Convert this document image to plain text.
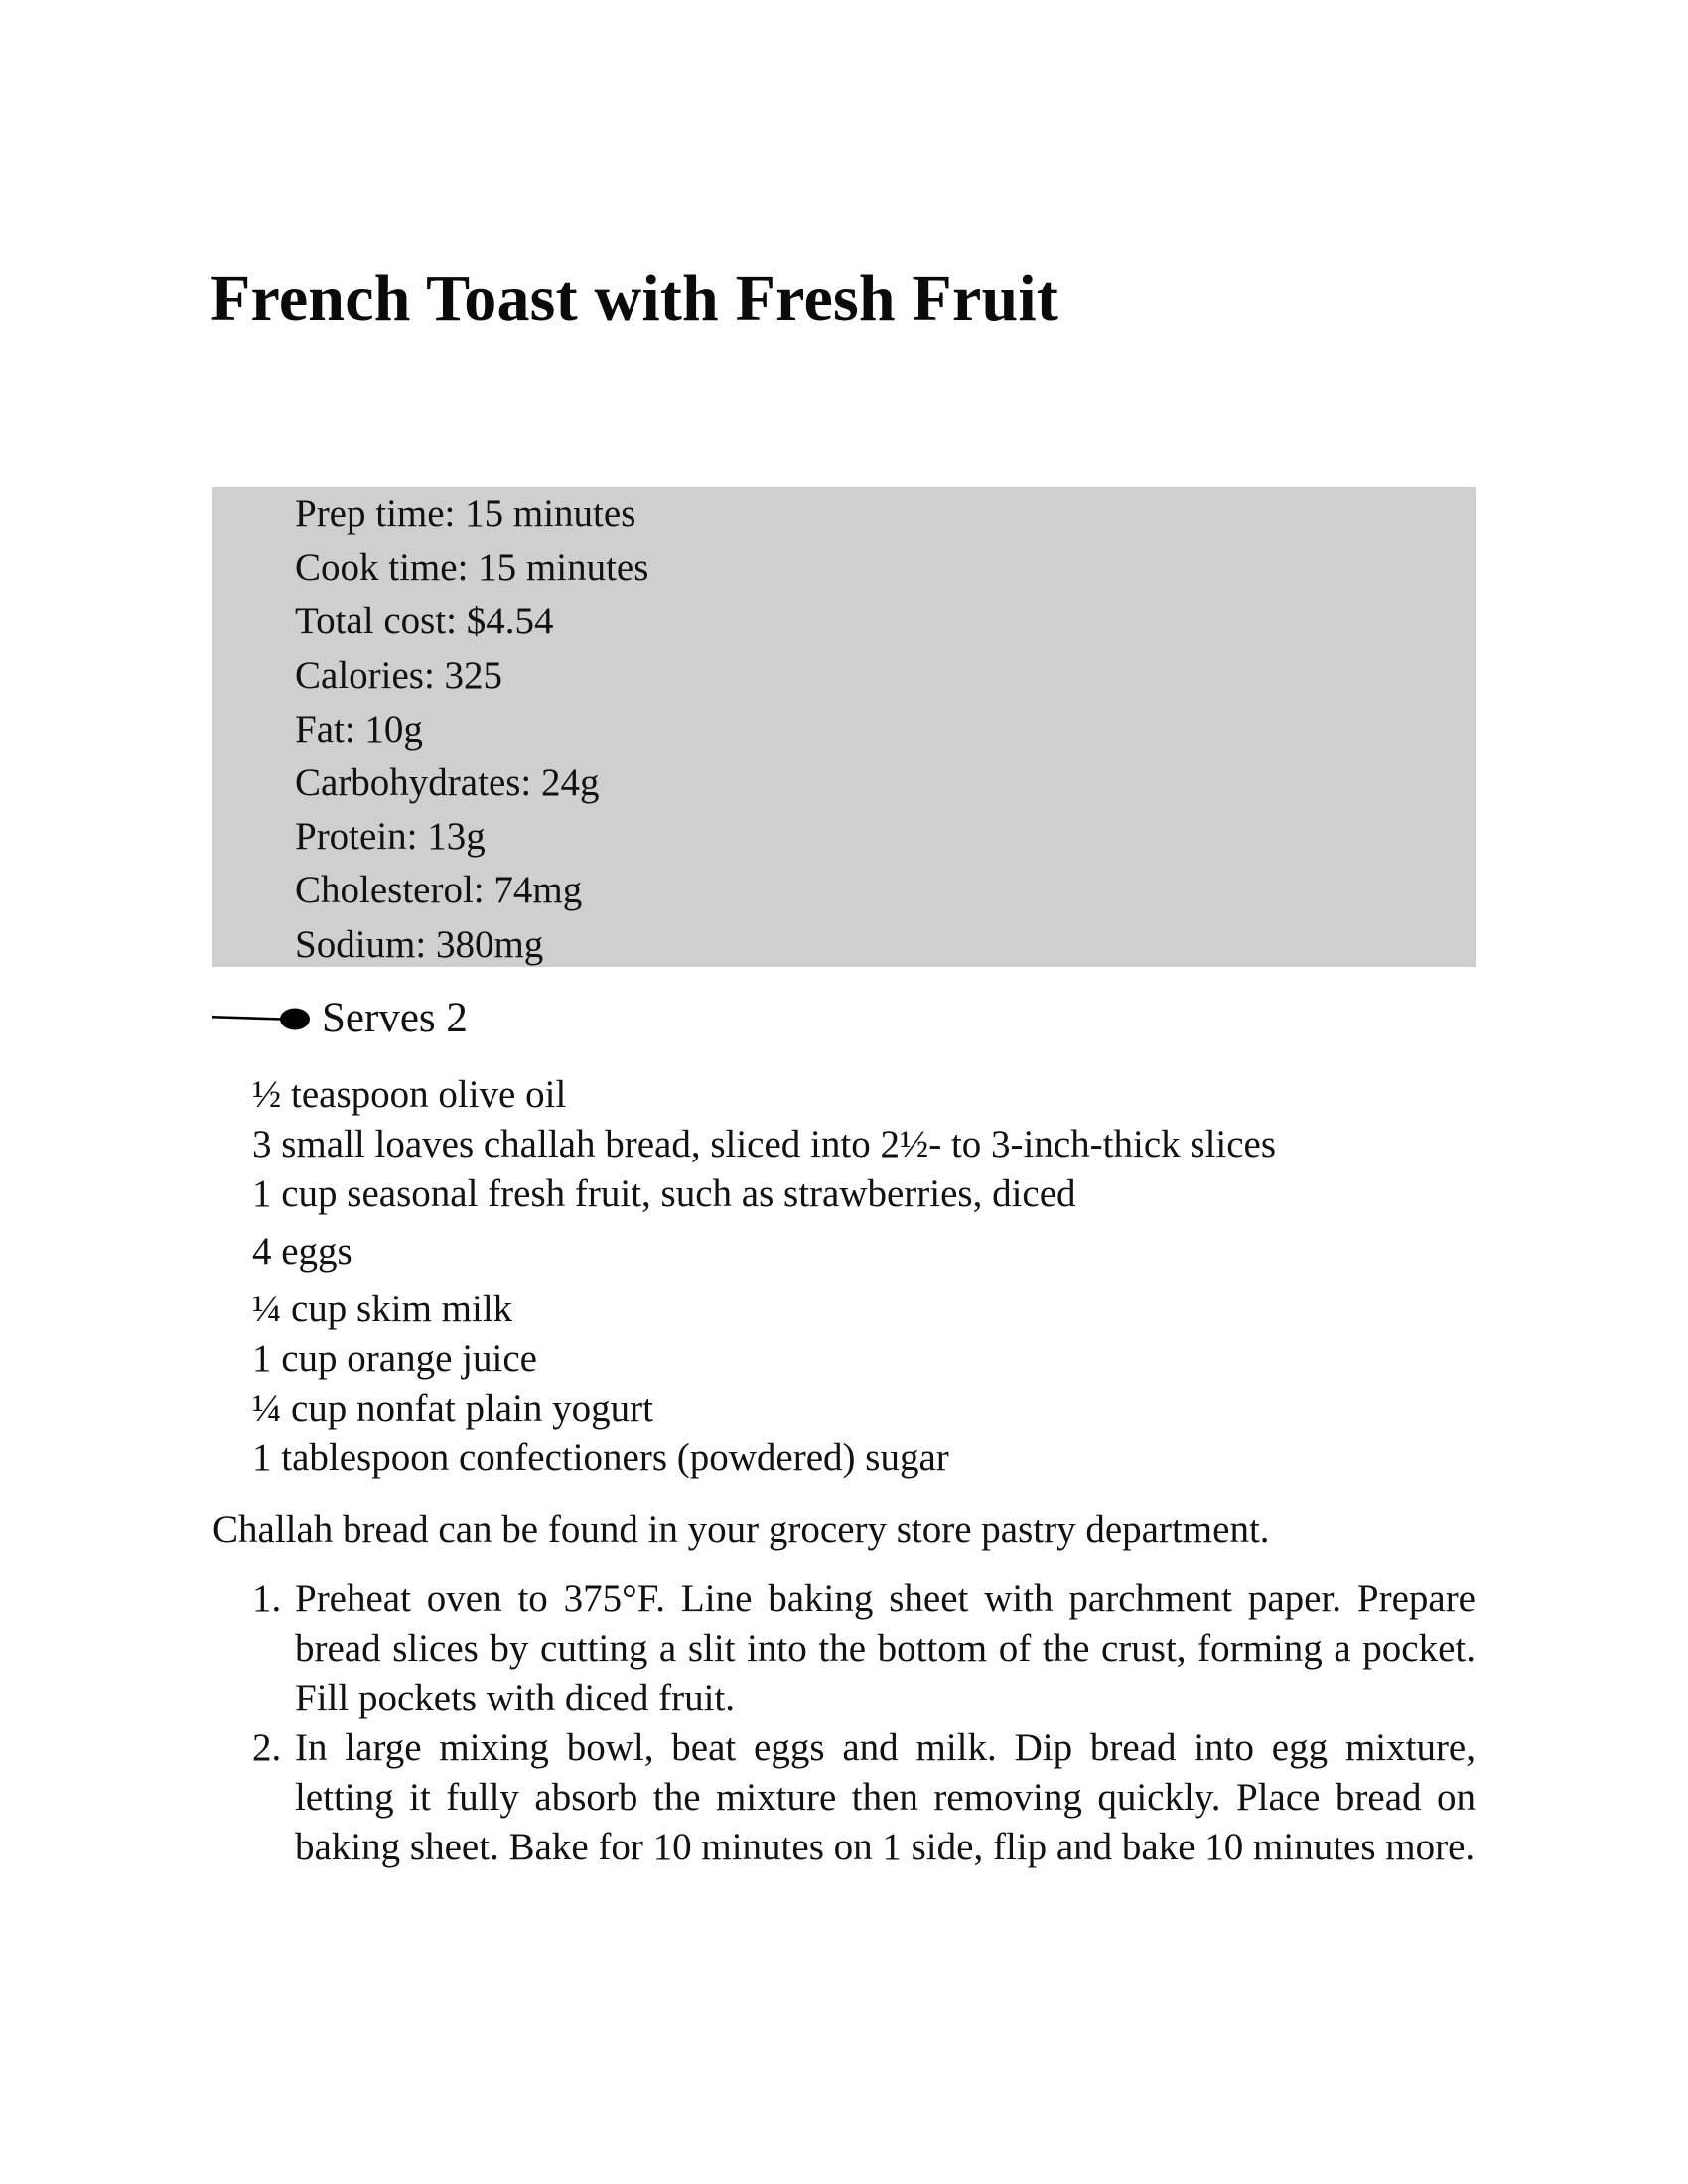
French Toast with Fresh Fruit
Prep time: 15 minutes
Cook time: 15 minutes
Total cost: $4.54
Calories: 325
Fat: 10g
Carbohydrates: 24g
Protein: 13g
Cholesterol: 74mg
Sodium: 380mg
Serves 2
½ teaspoon olive oil
3 small loaves challah bread, sliced into 2½- to 3-inch-thick slices
1 cup seasonal fresh fruit, such as strawberries, diced
4 eggs
¼ cup skim milk
1 cup orange juice
¼ cup nonfat plain yogurt
1 tablespoon confectioners (powdered) sugar

Challah bread can be found in your grocery store pastry department.

1. Preheat oven to 375°F. Line baking sheet with parchment paper. Prepare bread slices by cutting a slit into the bottom of the crust, forming a pocket. Fill pockets with diced fruit.
2. In large mixing bowl, beat eggs and milk. Dip bread into egg mixture, letting it fully absorb the mixture then removing quickly. Place bread on baking sheet. Bake for 10 minutes on 1 side, flip and bake 10 minutes more.
